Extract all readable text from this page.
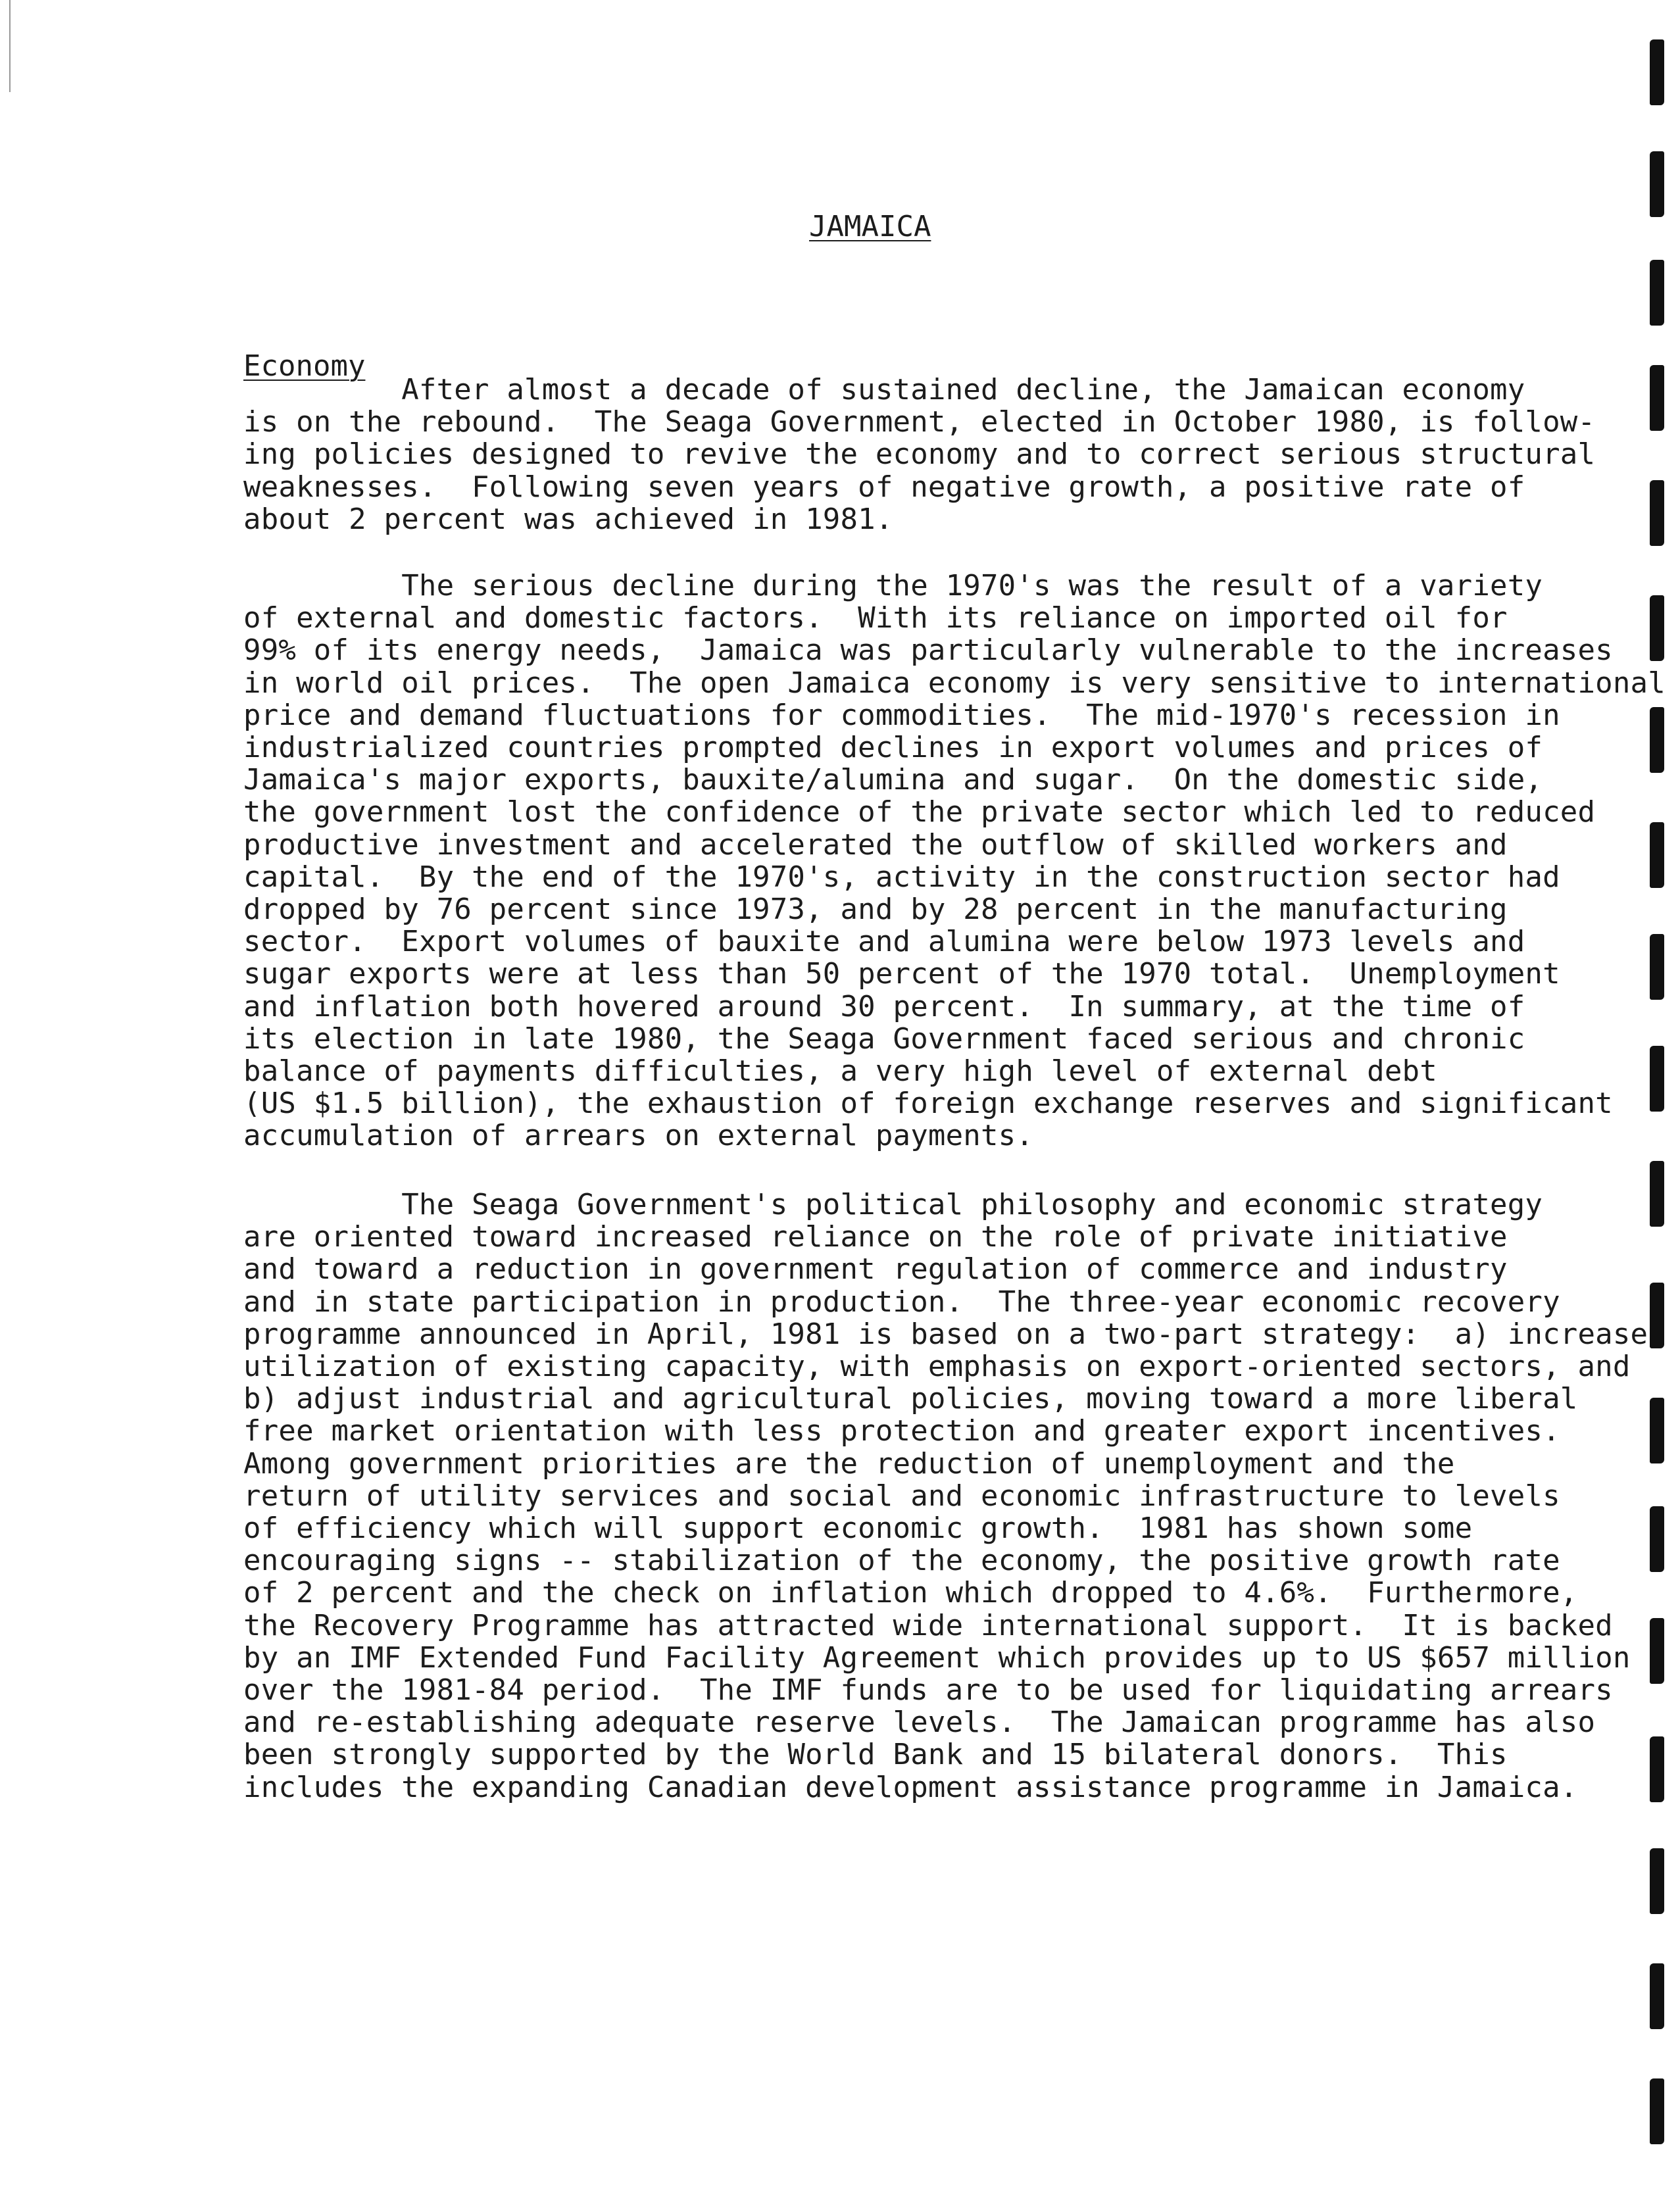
JAMAICA
Economy

After almost a decade of sustained decline, the Jamaican economy
is on the rebound.  The Seaga Government, elected in October 1980, is follow-
ing policies designed to revive the economy and to correct serious structural
weaknesses.  Following seven years of negative growth, a positive rate of
about 2 percent was achieved in 1981.

The serious decline during the 1970's was the result of a variety
of external and domestic factors.  With its reliance on imported oil for
99% of its energy needs,  Jamaica was particularly vulnerable to the increases
in world oil prices.  The open Jamaica economy is very sensitive to international
price and demand fluctuations for commodities.  The mid-1970's recession in
industrialized countries prompted declines in export volumes and prices of
Jamaica's major exports, bauxite/alumina and sugar.  On the domestic side,
the government lost the confidence of the private sector which led to reduced
productive investment and accelerated the outflow of skilled workers and
capital.  By the end of the 1970's, activity in the construction sector had
dropped by 76 percent since 1973, and by 28 percent in the manufacturing
sector.  Export volumes of bauxite and alumina were below 1973 levels and
sugar exports were at less than 50 percent of the 1970 total.  Unemployment
and inflation both hovered around 30 percent.  In summary, at the time of
its election in late 1980, the Seaga Government faced serious and chronic
balance of payments difficulties, a very high level of external debt
(US $1.5 billion), the exhaustion of foreign exchange reserves and significant
accumulation of arrears on external payments.

The Seaga Government's political philosophy and economic strategy
are oriented toward increased reliance on the role of private initiative
and toward a reduction in government regulation of commerce and industry
and in state participation in production.  The three-year economic recovery
programme announced in April, 1981 is based on a two-part strategy:  a) increase
utilization of existing capacity, with emphasis on export-oriented sectors, and
b) adjust industrial and agricultural policies, moving toward a more liberal
free market orientation with less protection and greater export incentives.
Among government priorities are the reduction of unemployment and the
return of utility services and social and economic infrastructure to levels
of efficiency which will support economic growth.  1981 has shown some
encouraging signs -- stabilization of the economy, the positive growth rate
of 2 percent and the check on inflation which dropped to 4.6%.  Furthermore,
the Recovery Programme has attracted wide international support.  It is backed
by an IMF Extended Fund Facility Agreement which provides up to US $657 million
over the 1981-84 period.  The IMF funds are to be used for liquidating arrears
and re-establishing adequate reserve levels.  The Jamaican programme has also
been strongly supported by the World Bank and 15 bilateral donors.  This
includes the expanding Canadian development assistance programme in Jamaica.
